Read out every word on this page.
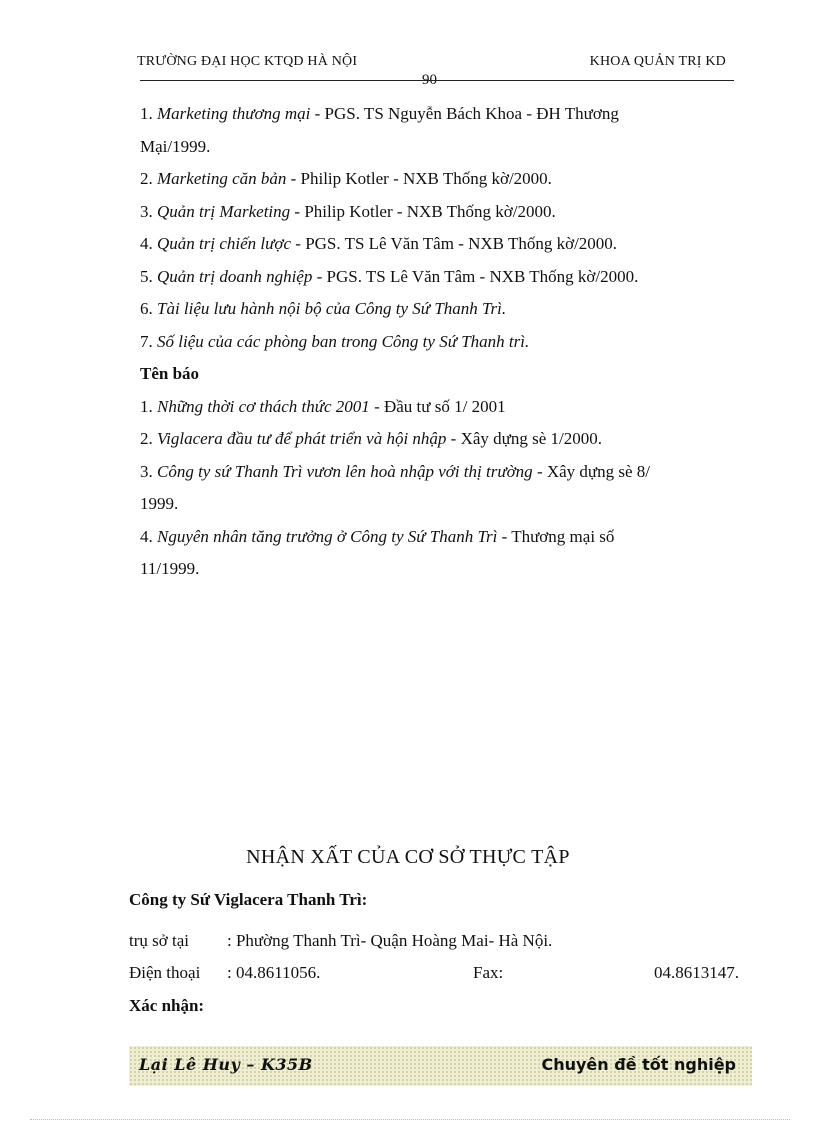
TRƯỜNG ĐẠI HỌC KTQD HÀ NỘI	KHOA QUẢN TRỊ KD
90
1. Marketing thương mại - PGS. TS Nguyễn Bách Khoa - ĐH Thương
Mại/1999.
2. Marketing căn bản - Philip Kotler - NXB Thống kờ/2000.
3. Quản trị Marketing - Philip Kotler - NXB Thống kờ/2000.
4. Quản trị chiến lược - PGS. TS Lê Văn Tâm - NXB Thống kờ/2000.
5. Quản trị doanh nghiệp - PGS. TS Lê Văn Tâm - NXB Thống kờ/2000.
6. Tài liệu lưu hành nội bộ của Công ty Sứ Thanh Trì.
7. Số liệu của các phòng ban trong Công ty Sứ Thanh trì.
Tên báo
1. Những thời cơ thách thức 2001 - Đầu tư số 1/ 2001
2. Viglacera đầu tư để phát triển và hội nhập - Xây dựng sè 1/2000.
3. Công ty sứ Thanh Trì vươn lên hoà nhập với thị trường - Xây dựng sè 8/
1999.
4. Nguyên nhân tăng trưởng ở Công ty Sứ Thanh Trì - Thương mại số
11/1999.
NHẬN XẤT CỦA CƠ SỞ THỰC TẬP
Công ty Sứ Viglacera Thanh Trì:
trụ sở tại : Phường Thanh Trì- Quận Hoàng Mai- Hà Nội.
Điện thoại : 04.8611056.	Fax:	04.8613147.
Xác nhận:
Lại Lê Huy – K35B	Chuyên đề tốt nghiệp
